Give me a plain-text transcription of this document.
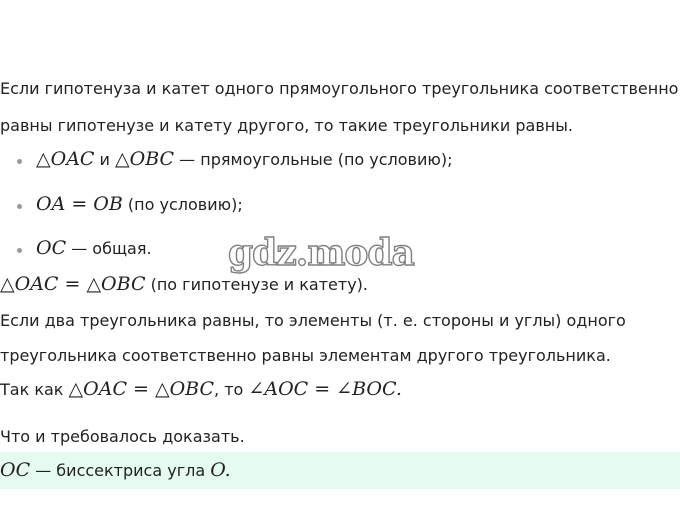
Если гипотенуза и катет одного прямоугольного треугольника соответственно
равны гипотенузе и катету другого, то такие треугольники равны.
△OAC и △OBC — прямоугольные (по условию);
OA = OB (по условию);
OC — общая.
△OAC = △OBC (по гипотенузе и катету).
Если два треугольника равны, то элементы (т. е. стороны и углы) одного
треугольника соответственно равны элементам другого треугольника.
Так как △OAC = △OBC, то ∠AOC = ∠BOC.
Что и требовалось доказать.
OC — биссектриса угла O.
gdz.moda
